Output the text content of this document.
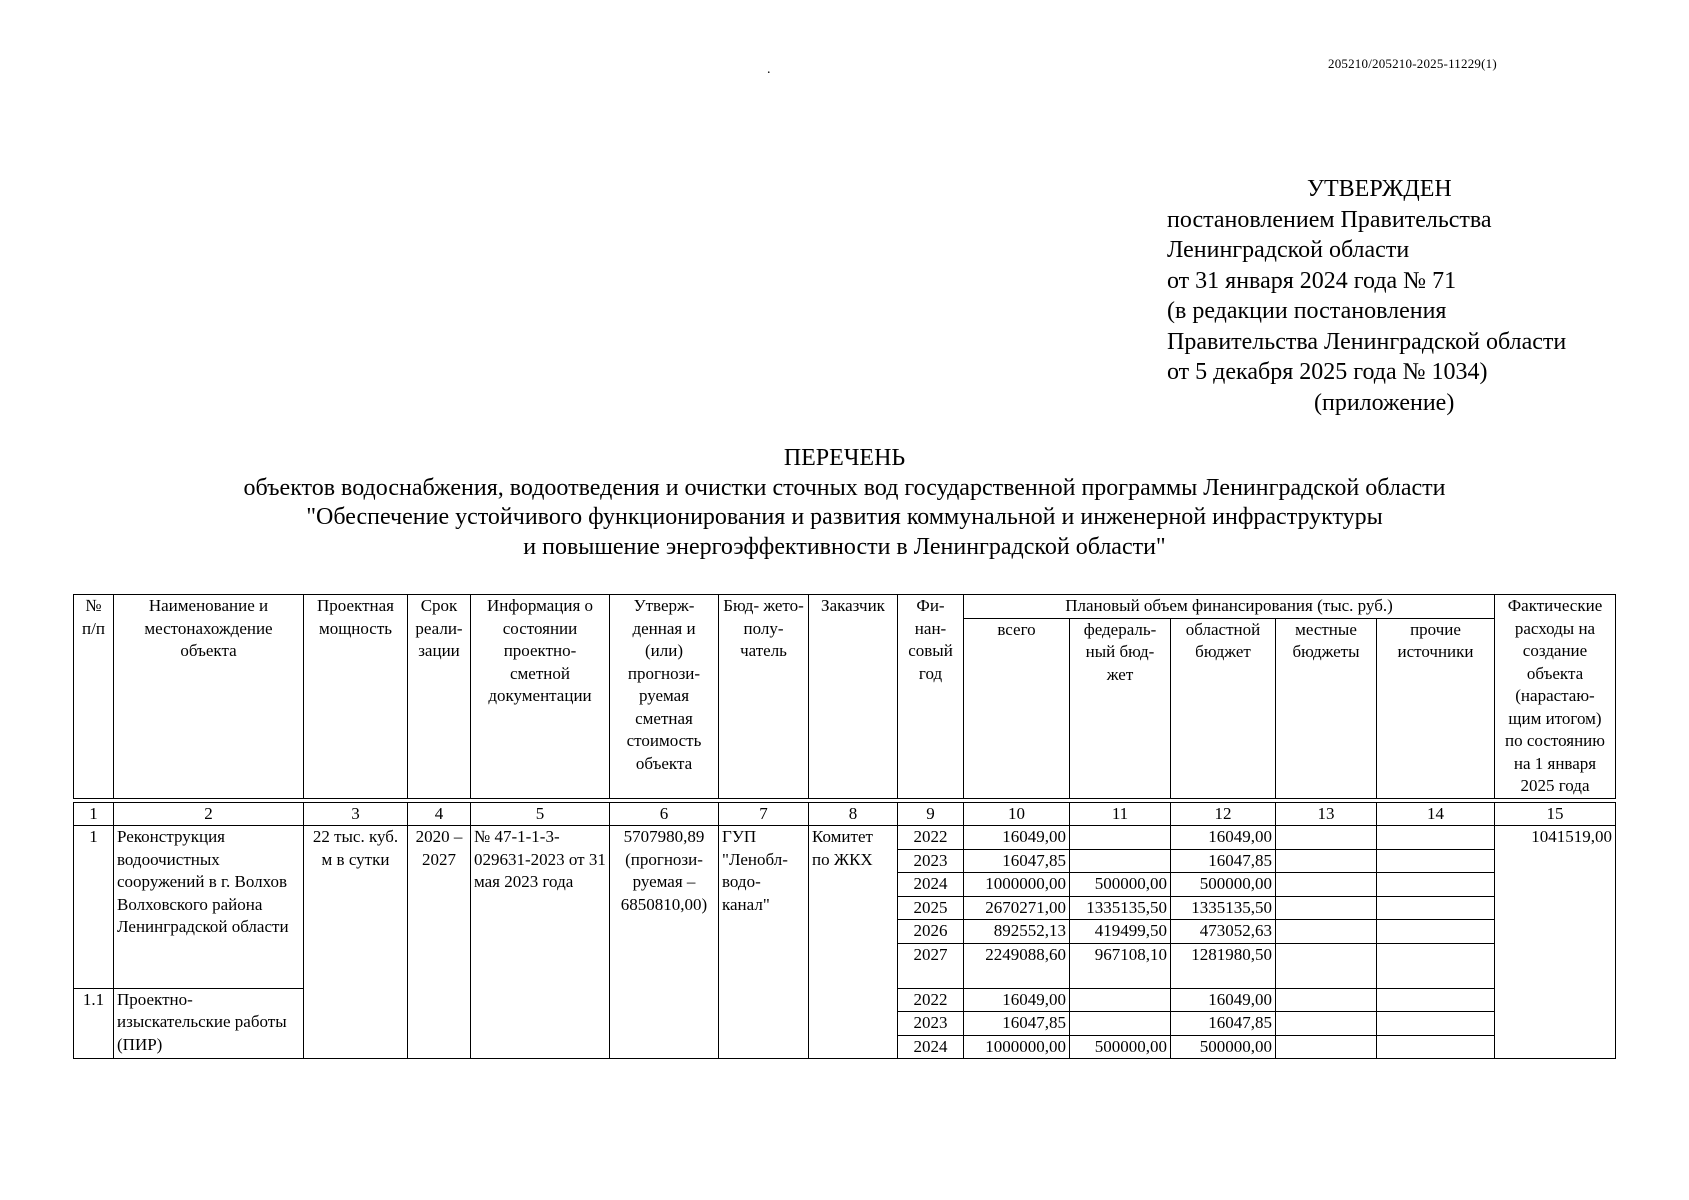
205210/205210-2025-11229(1)
.
УТВЕРЖДЕН
постановлением Правительства
Ленинградской области
от 31 января 2024 года № 71
(в редакции постановления
Правительства Ленинградской области
от 5 декабря 2025 года № 1034)
(приложение)
ПЕРЕЧЕНЬ
объектов водоснабжения, водоотведения и очистки сточных вод государственной программы Ленинградской области
"Обеспечение устойчивого функционирования и развития коммунальной и инженерной инфраструктуры
и повышение энергоэффективности в Ленинградской области"
№ п/п	Наименование и местонахождение объекта	Проектная мощность	Срок реали- зации	Информация о состоянии проектно- сметной документации	Утверж- денная и (или) прогнози- руемая сметная стоимость объекта	Бюд- жето- полу- чатель	Заказчик	Фи- нан- совый год	Плановый объем финансирования (тыс. руб.)					Фактические расходы на создание объекта (нарастаю- щим итогом) по состоянию на 1 января 2025 года
									всего	федераль- ный бюд- жет	областной бюджет	местные бюджеты	прочие источники	

1	2	3	4	5	6	7	8	9	10	11	12	13	14	15
1	Реконструкция водоочистных сооружений в г. Волхов Волховского района Ленинградской области	22 тыс. куб. м в сутки	2020 – 2027	№ 47-1-1-3-029631-2023 от 31 мая 2023 года	5707980,89 (прогнози- руемая – 6850810,00)	ГУП "Ленобл- водо- канал"	Комитет по ЖКХ	2022	16049,00		16049,00			1041519,00
								2023	16047,85		16047,85			
								2024	1000000,00	500000,00	500000,00			
								2025	2670271,00	1335135,50	1335135,50			
								2026	892552,13	419499,50	473052,63			
								2027	2249088,60	967108,10	1281980,50			
1.1	Проектно- изыскательские работы (ПИР)							2022	16049,00		16049,00			
								2023	16047,85		16047,85			
								2024	1000000,00	500000,00	500000,00			
